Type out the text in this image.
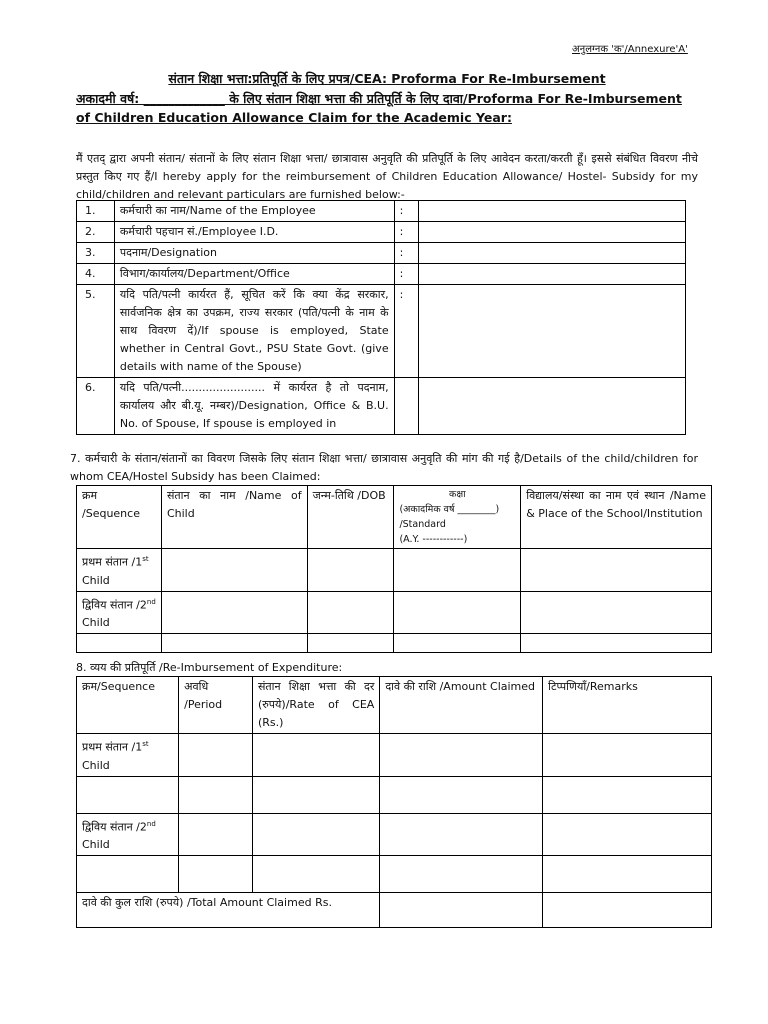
अनुलग्नक 'क'/Annexure'A'
संतान शिक्षा भत्ता:प्रतिपूर्ति के लिए प्रपत्र/CEA: Proforma For Re-Imbursement
अकादमी वर्ष: _____________ के लिए संतान शिक्षा भत्ता की प्रतिपूर्ति के लिए दावा/Proforma For Re-Imbursement
of Children Education Allowance Claim for the Academic Year:
मैं एतद् द्वारा अपनी संतान/ संतानों के लिए संतान शिक्षा भत्ता/ छात्रावास अनुवृति की प्रतिपूर्ति के लिए आवेदन करता/करती हूँ। इससे संबंधित विवरण नीचे प्रस्तुत किए गए हैं/I hereby apply for the reimbursement of Children Education Allowance/ Hostel- Subsidy for my child/children and relevant particulars are furnished below:-
1.	कर्मचारी का नाम/Name of the Employee	:	
2.	कर्मचारी पहचान सं./Employee I.D.	:	
3.	पदनाम/Designation	:	
4.	विभाग/कार्यालय/Department/Office	:	
5.	यदि पति/पत्नी कार्यरत हैं, सूचित करें कि क्या केंद्र सरकार, सार्वजनिक क्षेत्र का उपक्रम, राज्य सरकार (पति/पत्नी के नाम के साथ विवरण दें)/If spouse is employed, State whether in Central Govt., PSU State Govt. (give details with name of the Spouse)	:	
6.	यदि पति/पत्नी........................ में कार्यरत है तो पदनाम, कार्यालय और बी.यू. नम्बर)/Designation, Office & B.U. No. of Spouse, If spouse is employed in		
7. कर्मचारी के संतान/संतानों का विवरण जिसके लिए संतान शिक्षा भत्ता/ छात्रावास अनुवृति की मांग की गई है/Details of the child/children for whom CEA/Hostel Subsidy has been Claimed:
क्रम /Sequence	संतान का नाम /Name of Child	जन्म-तिथि /DOB	कक्षा
(अकादमिक वर्ष ________)
/Standard
(A.Y. ------------)	विद्यालय/संस्था का नाम एवं स्थान /Name & Place of the School/Institution
प्रथम संतान /1st
Child				
द्विविय संतान /2nd
Child				

8. व्यय की प्रतिपूर्ति /Re-Imbursement of Expenditure:
क्रम/Sequence	अवधि /Period	संतान शिक्षा भत्ता की दर (रुपये)/Rate of CEA (Rs.)	दावे की राशि /Amount Claimed	टिप्पणियाँ/Remarks
प्रथम संतान /1st
Child				

द्विविय संतान /2nd
Child				

दावे की कुल राशि (रुपये) /Total Amount Claimed Rs.				
